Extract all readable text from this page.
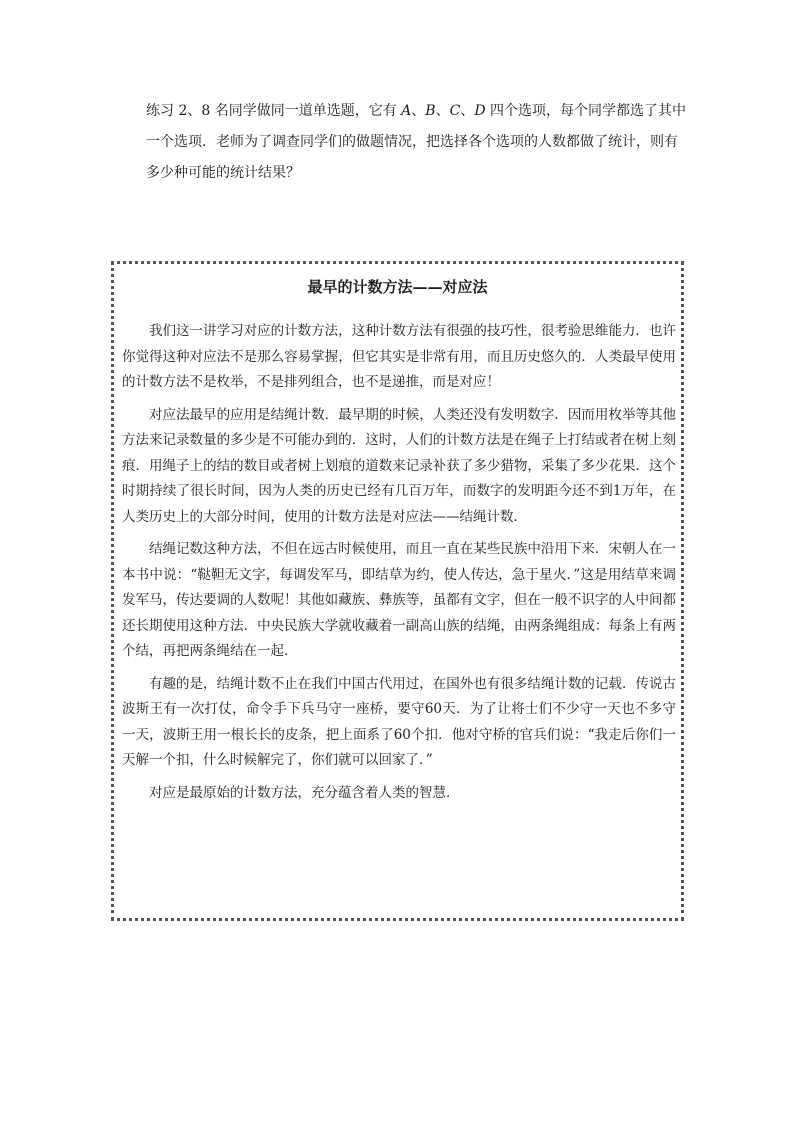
练习 2、8 名同学做同一道单选题，它有 A、B、C、D 四个选项，每个同学都选了其中一个选项．老师为了调查同学们的做题情况，把选择各个选项的人数都做了统计，则有多少种可能的统计结果？

最早的计数方法——对应法

我们这一讲学习对应的计数方法，这种计数方法有很强的技巧性，很考验思维能力．也许你觉得这种对应法不是那么容易掌握，但它其实是非常有用，而且历史悠久的．人类最早使用的计数方法不是枚举，不是排列组合，也不是递推，而是对应！

对应法最早的应用是结绳计数．最早期的时候，人类还没有发明数字．因而用枚举等其他方法来记录数量的多少是不可能办到的．这时，人们的计数方法是在绳子上打结或者在树上刻痕．用绳子上的结的数目或者树上划痕的道数来记录补获了多少猎物，采集了多少花果．这个时期持续了很长时间，因为人类的历史已经有几百万年，而数字的发明距今还不到1万年，在人类历史上的大部分时间，使用的计数方法是对应法——结绳计数．

结绳记数这种方法，不但在远古时候使用，而且一直在某些民族中沿用下来．宋朝人在一本书中说：“鞑靼无文字，每调发军马，即结草为约，使人传达，急于星火．”这是用结草来调发军马，传达要调的人数呢！其他如藏族、彝族等，虽都有文字，但在一般不识字的人中间都还长期使用这种方法．中央民族大学就收藏着一副高山族的结绳，由两条绳组成：每条上有两个结，再把两条绳结在一起．

有趣的是，结绳计数不止在我们中国古代用过，在国外也有很多结绳计数的记载．传说古波斯王有一次打仗，命令手下兵马守一座桥，要守60天．为了让将士们不少守一天也不多守一天，波斯王用一根长长的皮条，把上面系了60个扣．他对守桥的官兵们说：“我走后你们一天解一个扣，什么时候解完了，你们就可以回家了．”

对应是最原始的计数方法，充分蕴含着人类的智慧．
